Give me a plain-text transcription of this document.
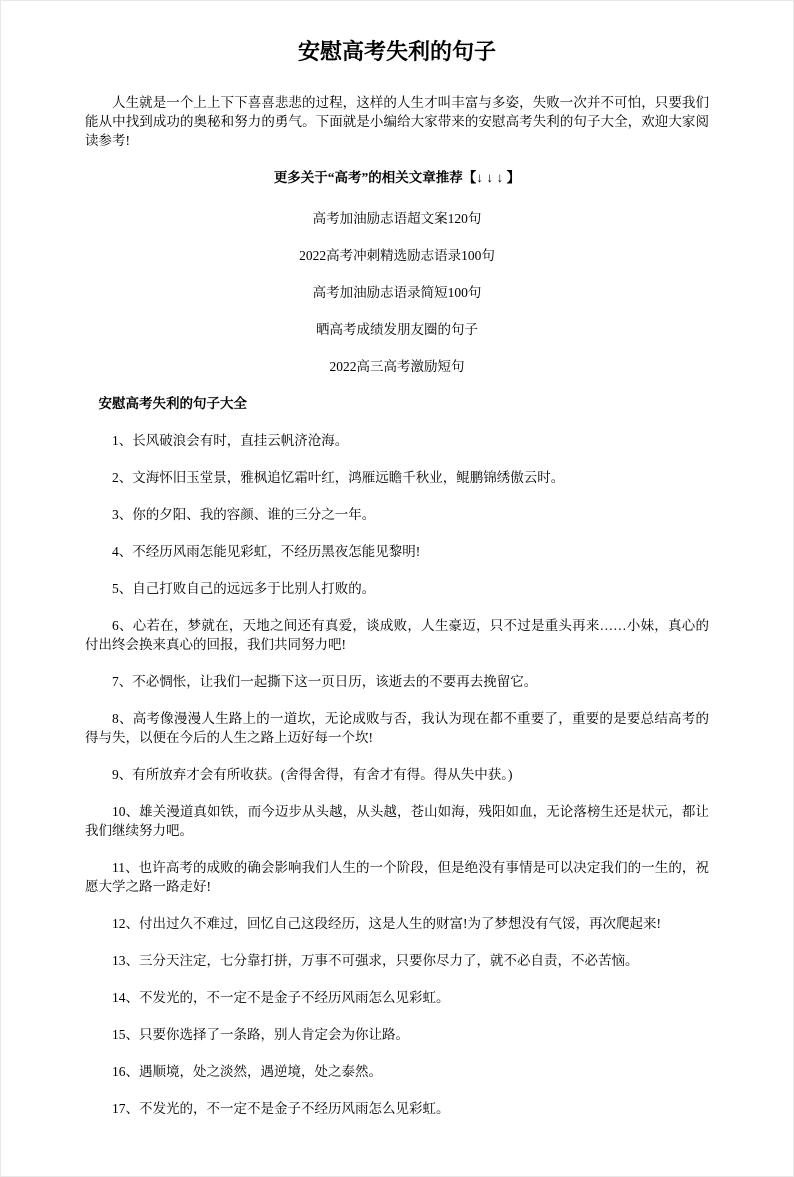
安慰高考失利的句子

人生就是一个上上下下喜喜悲悲的过程，这样的人生才叫丰富与多姿，失败一次并不可怕，只要我们能从中找到成功的奥秘和努力的勇气。下面就是小编给大家带来的安慰高考失利的句子大全，欢迎大家阅读参考!

更多关于“高考”的相关文章推荐【↓ ↓ ↓ 】

高考加油励志语超文案120句

2022高考冲刺精选励志语录100句

高考加油励志语录简短100句

晒高考成绩发朋友圈的句子

2022高三高考激励短句

安慰高考失利的句子大全

1、长风破浪会有时，直挂云帆济沧海。

2、文海怀旧玉堂景，雅枫追忆霜叶红，鸿雁远瞻千秋业，鲲鹏锦绣傲云时。

3、你的夕阳、我的容颜、谁的三分之一年。

4、不经历风雨怎能见彩虹，不经历黑夜怎能见黎明!

5、自己打败自己的远远多于比别人打败的。

6、心若在，梦就在，天地之间还有真爱，谈成败，人生豪迈，只不过是重头再来……小妹，真心的付出终会换来真心的回报，我们共同努力吧!

7、不必惆怅，让我们一起撕下这一页日历，该逝去的不要再去挽留它。

8、高考像漫漫人生路上的一道坎，无论成败与否，我认为现在都不重要了，重要的是要总结高考的得与失，以便在今后的人生之路上迈好每一个坎!

9、有所放弃才会有所收获。(舍得舍得，有舍才有得。得从失中获。)

10、雄关漫道真如铁，而今迈步从头越，从头越，苍山如海，残阳如血，无论落榜生还是状元，都让我们继续努力吧。

11、也许高考的成败的确会影响我们人生的一个阶段，但是绝没有事情是可以决定我们的一生的，祝愿大学之路一路走好!

12、付出过久不难过，回忆自己这段经历，这是人生的财富!为了梦想没有气馁，再次爬起来!

13、三分天注定，七分靠打拼，万事不可强求，只要你尽力了，就不必自责，不必苦恼。

14、不发光的，不一定不是金子不经历风雨怎么见彩虹。

15、只要你选择了一条路，别人肯定会为你让路。

16、遇顺境，处之淡然，遇逆境，处之泰然。

17、不发光的，不一定不是金子不经历风雨怎么见彩虹。
